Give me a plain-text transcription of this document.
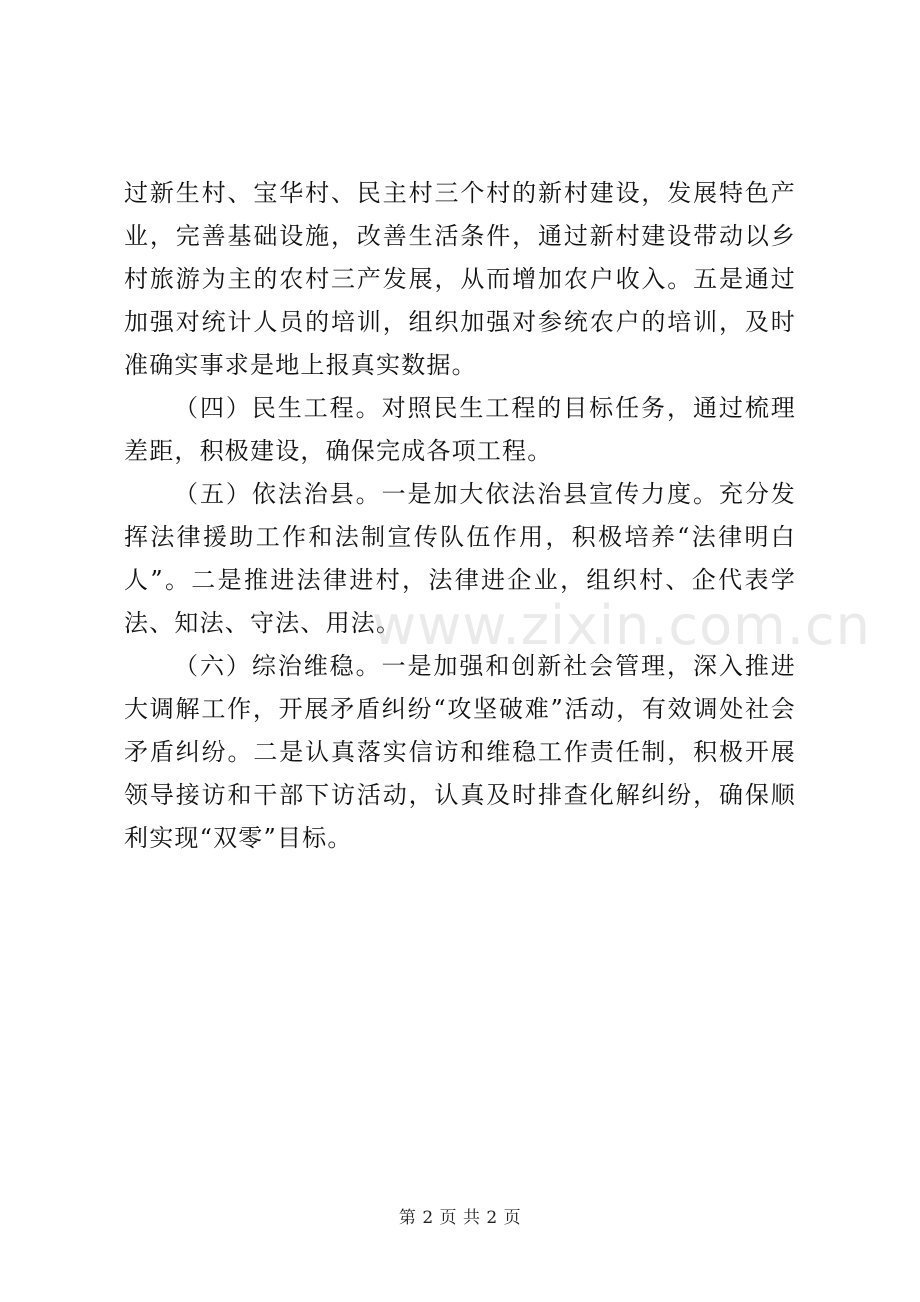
过新生村、宝华村、民主村三个村的新村建设，发展特色产业，完善基础设施，改善生活条件，通过新村建设带动以乡村旅游为主的农村三产发展，从而增加农户收入。五是通过加强对统计人员的培训，组织加强对参统农户的培训，及时准确实事求是地上报真实数据。

（四）民生工程。对照民生工程的目标任务，通过梳理差距，积极建设，确保完成各项工程。

（五）依法治县。一是加大依法治县宣传力度。充分发挥法律援助工作和法制宣传队伍作用，积极培养“法律明白人”。二是推进法律进村，法律进企业，组织村、企代表学法、知法、守法、用法。

（六）综治维稳。一是加强和创新社会管理，深入推进大调解工作，开展矛盾纠纷“攻坚破难”活动，有效调处社会矛盾纠纷。二是认真落实信访和维稳工作责任制，积极开展领导接访和干部下访活动，认真及时排查化解纠纷，确保顺利实现“双零”目标。

www.zixin.com.cn
第 2 页 共 2 页
